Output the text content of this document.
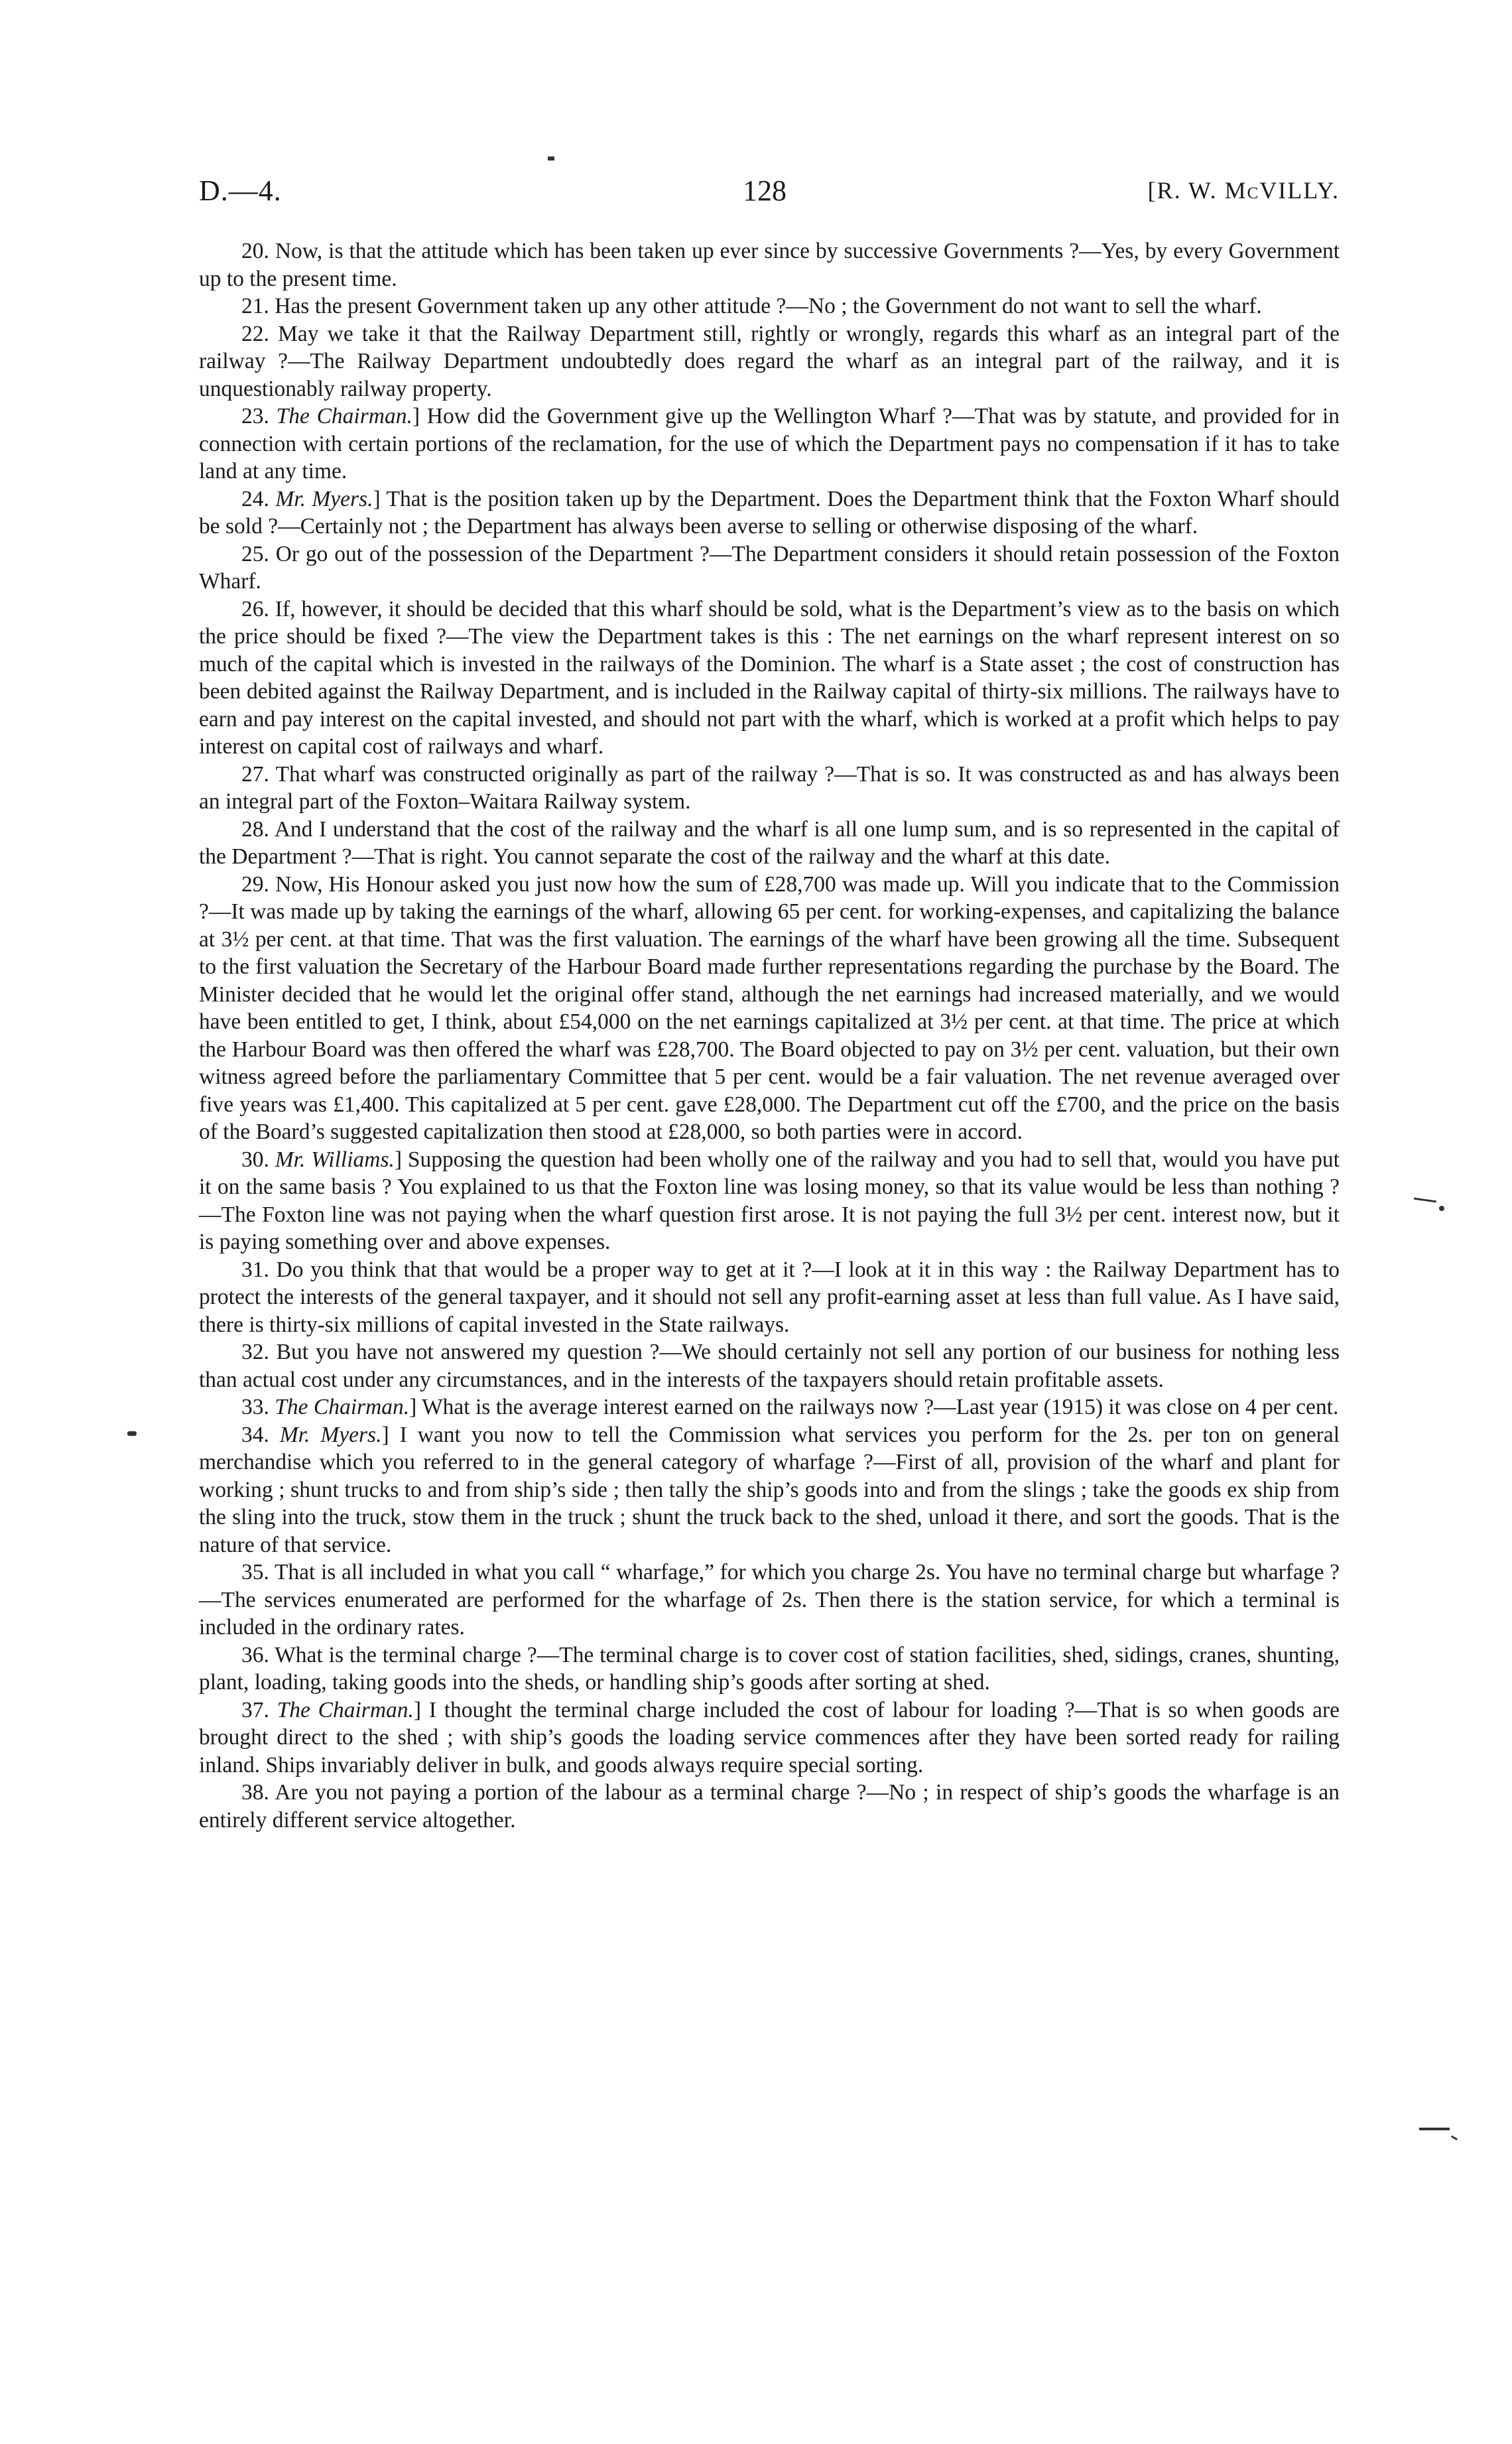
D.—4.	128	[R. W. McVILLY.

20. Now, is that the attitude which has been taken up ever since by successive Governments ?—Yes, by every Government up to the present time.

21. Has the present Government taken up any other attitude ?—No ; the Government do not want to sell the wharf.

22. May we take it that the Railway Department still, rightly or wrongly, regards this wharf as an integral part of the railway ?—The Railway Department undoubtedly does regard the wharf as an integral part of the railway, and it is unquestionably railway property.

23. The Chairman.] How did the Government give up the Wellington Wharf ?—That was by statute, and provided for in connection with certain portions of the reclamation, for the use of which the Department pays no compensation if it has to take land at any time.

24. Mr. Myers.] That is the position taken up by the Department. Does the Department think that the Foxton Wharf should be sold ?—Certainly not ; the Department has always been averse to selling or otherwise disposing of the wharf.

25. Or go out of the possession of the Department ?—The Department considers it should retain possession of the Foxton Wharf.

26. If, however, it should be decided that this wharf should be sold, what is the Department’s view as to the basis on which the price should be fixed ?—The view the Department takes is this : The net earnings on the wharf represent interest on so much of the capital which is invested in the railways of the Dominion. The wharf is a State asset ; the cost of construction has been debited against the Railway Department, and is included in the Railway capital of thirty-six millions. The railways have to earn and pay interest on the capital invested, and should not part with the wharf, which is worked at a profit which helps to pay interest on capital cost of railways and wharf.

27. That wharf was constructed originally as part of the railway ?—That is so. It was constructed as and has always been an integral part of the Foxton–Waitara Railway system.

28. And I understand that the cost of the railway and the wharf is all one lump sum, and is so represented in the capital of the Department ?—That is right. You cannot separate the cost of the railway and the wharf at this date.

29. Now, His Honour asked you just now how the sum of £28,700 was made up. Will you indicate that to the Commission ?—It was made up by taking the earnings of the wharf, allowing 65 per cent. for working-expenses, and capitalizing the balance at 3½ per cent. at that time. That was the first valuation. The earnings of the wharf have been growing all the time. Subsequent to the first valuation the Secretary of the Harbour Board made further representations regarding the purchase by the Board. The Minister decided that he would let the original offer stand, although the net earnings had increased materially, and we would have been entitled to get, I think, about £54,000 on the net earnings capitalized at 3½ per cent. at that time. The price at which the Harbour Board was then offered the wharf was £28,700. The Board objected to pay on 3½ per cent. valuation, but their own witness agreed before the parliamentary Committee that 5 per cent. would be a fair valuation. The net revenue averaged over five years was £1,400. This capitalized at 5 per cent. gave £28,000. The Department cut off the £700, and the price on the basis of the Board’s suggested capitalization then stood at £28,000, so both parties were in accord.

30. Mr. Williams.] Supposing the question had been wholly one of the railway and you had to sell that, would you have put it on the same basis ? You explained to us that the Foxton line was losing money, so that its value would be less than nothing ?—The Foxton line was not paying when the wharf question first arose. It is not paying the full 3½ per cent. interest now, but it is paying something over and above expenses.

31. Do you think that that would be a proper way to get at it ?—I look at it in this way : the Railway Department has to protect the interests of the general taxpayer, and it should not sell any profit-earning asset at less than full value. As I have said, there is thirty-six millions of capital invested in the State railways.

32. But you have not answered my question ?—We should certainly not sell any portion of our business for nothing less than actual cost under any circumstances, and in the interests of the taxpayers should retain profitable assets.

33. The Chairman.] What is the average interest earned on the railways now ?—Last year (1915) it was close on 4 per cent.

34. Mr. Myers.] I want you now to tell the Commission what services you perform for the 2s. per ton on general merchandise which you referred to in the general category of wharfage ?—First of all, provision of the wharf and plant for working ; shunt trucks to and from ship’s side ; then tally the ship’s goods into and from the slings ; take the goods ex ship from the sling into the truck, stow them in the truck ; shunt the truck back to the shed, unload it there, and sort the goods. That is the nature of that service.

35. That is all included in what you call “ wharfage,” for which you charge 2s. You have no terminal charge but wharfage ?—The services enumerated are performed for the wharfage of 2s. Then there is the station service, for which a terminal is included in the ordinary rates.

36. What is the terminal charge ?—The terminal charge is to cover cost of station facilities, shed, sidings, cranes, shunting, plant, loading, taking goods into the sheds, or handling ship’s goods after sorting at shed.

37. The Chairman.] I thought the terminal charge included the cost of labour for loading ?—That is so when goods are brought direct to the shed ; with ship’s goods the loading service commences after they have been sorted ready for railing inland. Ships invariably deliver in bulk, and goods always require special sorting.

38. Are you not paying a portion of the labour as a terminal charge ?—No ; in respect of ship’s goods the wharfage is an entirely different service altogether.
